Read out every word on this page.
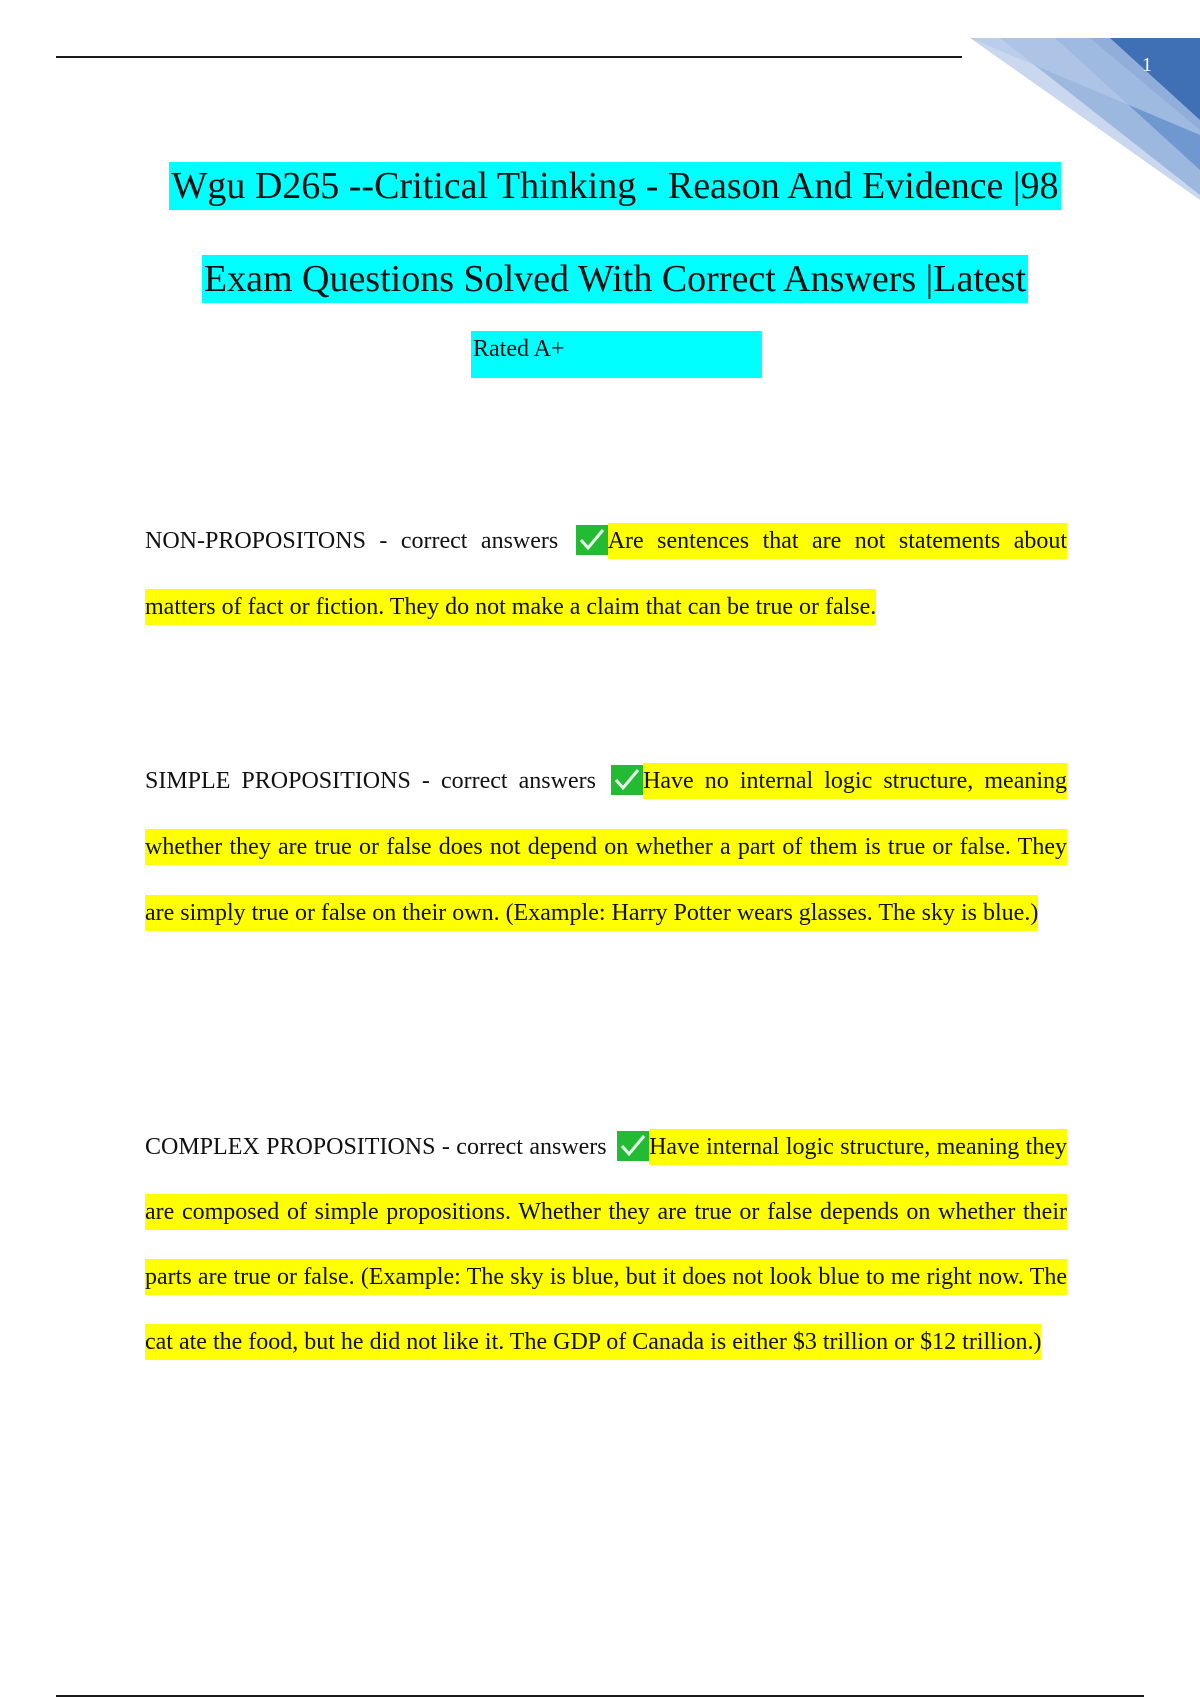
1
Wgu D265 --Critical Thinking - Reason And Evidence |98
Exam Questions Solved With Correct Answers |Latest
Rated A+
NON-PROPOSITONS - correct answers Are sentences that are not statements about matters of fact or fiction. They do not make a claim that can be true or false.
SIMPLE PROPOSITIONS - correct answers Have no internal logic structure, meaning whether they are true or false does not depend on whether a part of them is true or false. They are simply true or false on their own. (Example: Harry Potter wears glasses. The sky is blue.)
COMPLEX PROPOSITIONS - correct answers Have internal logic structure, meaning they are composed of simple propositions. Whether they are true or false depends on whether their parts are true or false. (Example: The sky is blue, but it does not look blue to me right now. The cat ate the food, but he did not like it. The GDP of Canada is either $3 trillion or $12 trillion.)
